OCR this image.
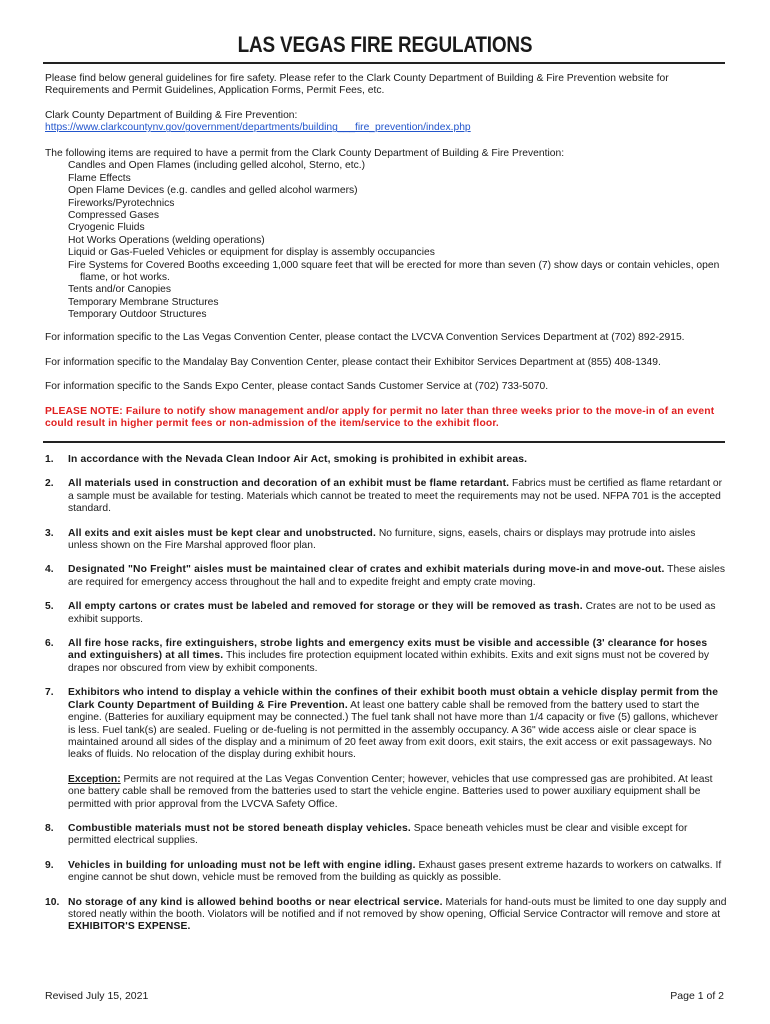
LAS VEGAS FIRE REGULATIONS

Please find below general guidelines for fire safety. Please refer to the Clark County Department of Building & Fire Prevention website for Requirements and Permit Guidelines, Application Forms, Permit Fees, etc.

Clark County Department of Building & Fire Prevention:
https://www.clarkcountynv.gov/government/departments/building___fire_prevention/index.php
The following items are required to have a permit from the Clark County Department of Building & Fire Prevention:
Candles and Open Flames (including gelled alcohol, Sterno, etc.)
Flame Effects
Open Flame Devices (e.g. candles and gelled alcohol warmers)
Fireworks/Pyrotechnics
Compressed Gases
Cryogenic Fluids
Hot Works Operations (welding operations)
Liquid or Gas-Fueled Vehicles or equipment for display is assembly occupancies
Fire Systems for Covered Booths exceeding 1,000 square feet that will be erected for more than seven (7) show days or contain vehicles, open flame, or hot works.
Tents and/or Canopies
Temporary Membrane Structures
Temporary Outdoor Structures

For information specific to the Las Vegas Convention Center, please contact the LVCVA Convention Services Department at (702) 892-2915.

For information specific to the Mandalay Bay Convention Center, please contact their Exhibitor Services Department at (855) 408-1349.

For information specific to the Sands Expo Center, please contact Sands Customer Service at (702) 733-5070.

PLEASE NOTE: Failure to notify show management and/or apply for permit no later than three weeks prior to the move-in of an event could result in higher permit fees or non-admission of the item/service to the exhibit floor.

1. In accordance with the Nevada Clean Indoor Air Act, smoking is prohibited in exhibit areas.
2. All materials used in construction and decoration of an exhibit must be flame retardant. Fabrics must be certified as flame retardant or a sample must be available for testing. Materials which cannot be treated to meet the requirements may not be used. NFPA 701 is the accepted standard.
3. All exits and exit aisles must be kept clear and unobstructed. No furniture, signs, easels, chairs or displays may protrude into aisles unless shown on the Fire Marshal approved floor plan.
4. Designated "No Freight" aisles must be maintained clear of crates and exhibit materials during move-in and move-out. These aisles are required for emergency access throughout the hall and to expedite freight and empty crate moving.
5. All empty cartons or crates must be labeled and removed for storage or they will be removed as trash. Crates are not to be used as exhibit supports.
6. All fire hose racks, fire extinguishers, strobe lights and emergency exits must be visible and accessible (3' clearance for hoses and extinguishers) at all times. This includes fire protection equipment located within exhibits. Exits and exit signs must not be covered by drapes nor obscured from view by exhibit components.
7. Exhibitors who intend to display a vehicle within the confines of their exhibit booth must obtain a vehicle display permit from the Clark County Department of Building & Fire Prevention. At least one battery cable shall be removed from the battery used to start the engine. (Batteries for auxiliary equipment may be connected.) The fuel tank shall not have more than 1/4 capacity or five (5) gallons, whichever is less. Fuel tank(s) are sealed. Fueling or de-fueling is not permitted in the assembly occupancy. A 36" wide access aisle or clear space is maintained around all sides of the display and a minimum of 20 feet away from exit doors, exit stairs, the exit access or exit passageways. No leaks of fluids. No relocation of the display during exhibit hours.
Exception: Permits are not required at the Las Vegas Convention Center; however, vehicles that use compressed gas are prohibited. At least one battery cable shall be removed from the batteries used to start the vehicle engine. Batteries used to power auxiliary equipment shall be permitted with prior approval from the LVCVA Safety Office.
8. Combustible materials must not be stored beneath display vehicles. Space beneath vehicles must be clear and visible except for permitted electrical supplies.
9. Vehicles in building for unloading must not be left with engine idling. Exhaust gases present extreme hazards to workers on catwalks. If engine cannot be shut down, vehicle must be removed from the building as quickly as possible.
10. No storage of any kind is allowed behind booths or near electrical service. Materials for hand-outs must be limited to one day supply and stored neatly within the booth. Violators will be notified and if not removed by show opening, Official Service Contractor will remove and store at EXHIBITOR'S EXPENSE.
Revised July 15, 2021	Page 1 of 2
